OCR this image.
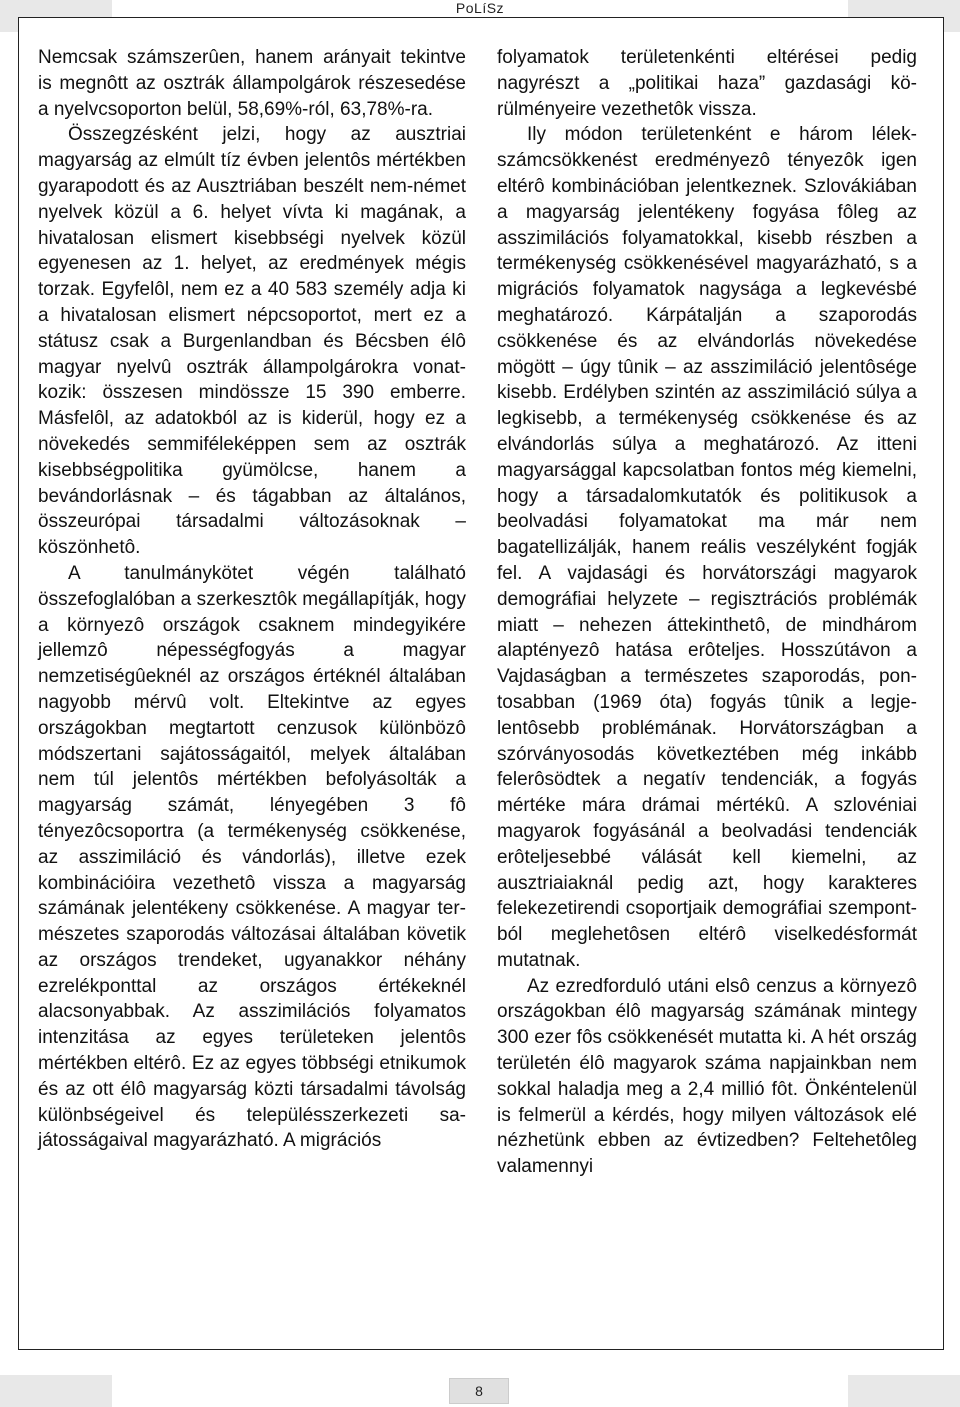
PoLíSz

Nemcsak számszerûen, hanem arányait tekintve is megnôtt az osztrák állampolgárok részesedése a nyelvcsoporton belül, 58,69%-ról, 63,78%-ra.

Összegzésként jelzi, hogy az ausztriai magyarság az elmúlt tíz évben jelentôs mértékben gyarapodott és az Ausztriában beszélt nem-német nyelvek közül a 6. helyet vívta ki magának, a hivatalosan elismert kisebbségi nyelvek közül egyenesen az 1. helyet, az eredmények mégis torzak. Egyfelôl, nem ez a 40 583 személy adja ki a hivatalosan elismert népcsoportot, mert ez a státusz csak a Burgenlandban és Bécsben élô magyar nyelvû osztrák állampolgárokra vonatkozik: összesen mindössze 15 390 emberre. Másfelôl, az adatokból az is kiderül, hogy ez a növekedés semmiféleképpen sem az osztrák kisebbségpolitika gyümölcse, hanem a bevándorlásnak – és tágabban az általános, összeurópai társadalmi változásoknak – köszönhetô.

A tanulmánykötet végén található összefoglalóban a szerkesztôk megállapítják, hogy a környezô országok csaknem mindegyikére jellemzô népességfogyás a magyar nemzetiségûeknél az országos értéknél általában nagyobb mérvû volt. Eltekintve az egyes országokban megtartott cenzusok különbözô módszertani sajátosságaitól, melyek általában nem túl jelentôs mértékben befolyásolták a magyarság számát, lényegében 3 fô tényezôcsoportra (a termékenység csökkenése, az asszimiláció és vándorlás), illetve ezek kombinációira vezethetô vissza a magyarság számának jelentékeny csökkenése. A magyar természetes szaporodás változásai általában követik az országos trendeket, ugyanakkor néhány ezrelékponttal az országos értékeknél alacsonyabbak. Az asszimilációs folyamatos intenzitása az egyes területeken jelentôs mértékben eltérô. Ez az egyes többségi etnikumok és az ott élô magyarság közti társadalmi távolság különbségeivel és településszerkezeti sajátosságaival magyarázható. A migrációs

folyamatok területenkénti eltérései pedig nagyrészt a „politikai haza” gazdasági körülményeire vezethetôk vissza.

Ily módon területenként e három lélekszámcsökkenést eredményezô tényezôk igen eltérô kombinációban jelentkeznek. Szlovákiában a magyarság jelentékeny fogyása fôleg az asszimilációs folyamatokkal, kisebb részben a termékenység csökkenésével magyarázható, s a migrációs folyamatok nagysága a legkevésbé meghatározó. Kárpátalján a szaporodás csökkenése és az elvándorlás növekedése mögött – úgy tûnik – az asszimiláció jelentôsége kisebb. Erdélyben szintén az asszimiláció súlya a legkisebb, a termékenység csökkenése és az elvándorlás súlya a meghatározó. Az itteni magyarsággal kapcsolatban fontos még kiemelni, hogy a társadalomkutatók és politikusok a beolvadási folyamatokat ma már nem bagatellizálják, hanem reális veszélyként fogják fel. A vajdasági és horvátországi magyarok demográfiai helyzete – regisztrációs problémák miatt – nehezen áttekinthetô, de mindhárom alaptényezô hatása erôteljes. Hosszútávon a Vajdaságban a természetes szaporodás, pontosabban (1969 óta) fogyás tûnik a legjelentôsebb problémának. Horvátországban a szórványosodás következtében még inkább felerôsödtek a negatív tendenciák, a fogyás mértéke mára drámai mértékû. A szlovéniai magyarok fogyásánál a beolvadási tendenciák erôteljesebbé válását kell kiemelni, az ausztriaiaknál pedig azt, hogy karakteres felekezetirendi csoportjaik demográfiai szempontból meglehetôsen eltérô viselkedésformát mutatnak.

Az ezredforduló utáni elsô cenzus a környezô országokban élô magyarság számának mintegy 300 ezer fôs csökkenését mutatta ki. A hét ország területén élô magyarok száma napjainkban nem sokkal haladja meg a 2,4 millió fôt. Önkéntelenül is felmerül a kérdés, hogy milyen változások elé nézhetünk ebben az évtizedben? Feltehetôleg valamennyi

8
